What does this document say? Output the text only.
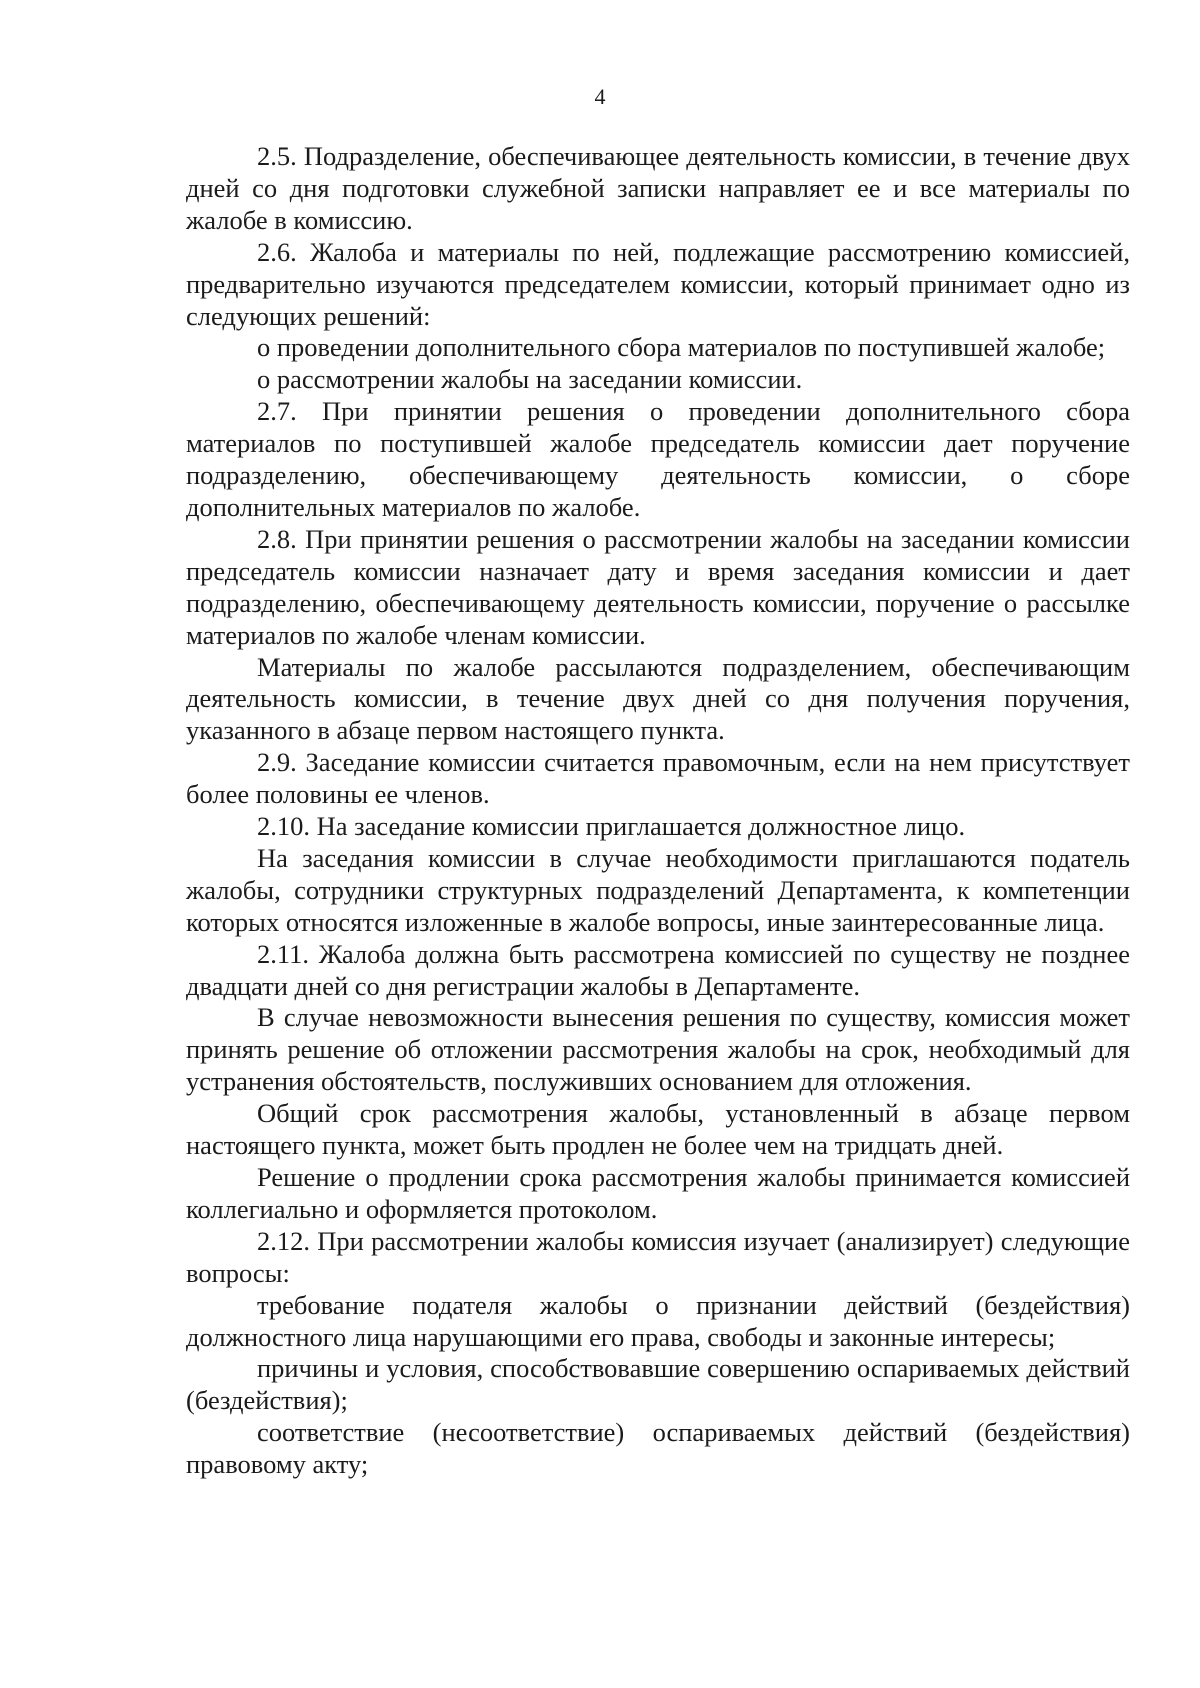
4

2.5. Подразделение, обеспечивающее деятельность комиссии, в течение двух дней со дня подготовки служебной записки направляет ее и все материалы по жалобе в комиссию.

2.6. Жалоба и материалы по ней, подлежащие рассмотрению комиссией, предварительно изучаются председателем комиссии, который принимает одно из следующих решений:

о проведении дополнительного сбора материалов по поступившей жалобе;

о рассмотрении жалобы на заседании комиссии.

2.7. При принятии решения о проведении дополнительного сбора материалов по поступившей жалобе председатель комиссии дает поручение подразделению, обеспечивающему деятельность комиссии, о сборе дополнительных материалов по жалобе.

2.8. При принятии решения о рассмотрении жалобы на заседании комиссии председатель комиссии назначает дату и время заседания комиссии и дает подразделению, обеспечивающему деятельность комиссии, поручение о рассылке материалов по жалобе членам комиссии.

Материалы по жалобе рассылаются подразделением, обеспечивающим деятельность комиссии, в течение двух дней со дня получения поручения, указанного в абзаце первом настоящего пункта.

2.9. Заседание комиссии считается правомочным, если на нем присутствует более половины ее членов.

2.10. На заседание комиссии приглашается должностное лицо.

На заседания комиссии в случае необходимости приглашаются податель жалобы, сотрудники структурных подразделений Департамента, к компетенции которых относятся изложенные в жалобе вопросы, иные заинтересованные лица.

2.11. Жалоба должна быть рассмотрена комиссией по существу не позднее двадцати дней со дня регистрации жалобы в Департаменте.

В случае невозможности вынесения решения по существу, комиссия может принять решение об отложении рассмотрения жалобы на срок, необходимый для устранения обстоятельств, послуживших основанием для отложения.

Общий срок рассмотрения жалобы, установленный в абзаце первом настоящего пункта, может быть продлен не более чем на тридцать дней.

Решение о продлении срока рассмотрения жалобы принимается комиссией коллегиально и оформляется протоколом.

2.12. При рассмотрении жалобы комиссия изучает (анализирует) следующие вопросы:

требование подателя жалобы о признании действий (бездействия) должностного лица нарушающими его права, свободы и законные интересы;

причины и условия, способствовавшие совершению оспариваемых действий (бездействия);

соответствие (несоответствие) оспариваемых действий (бездействия) правовому акту;
